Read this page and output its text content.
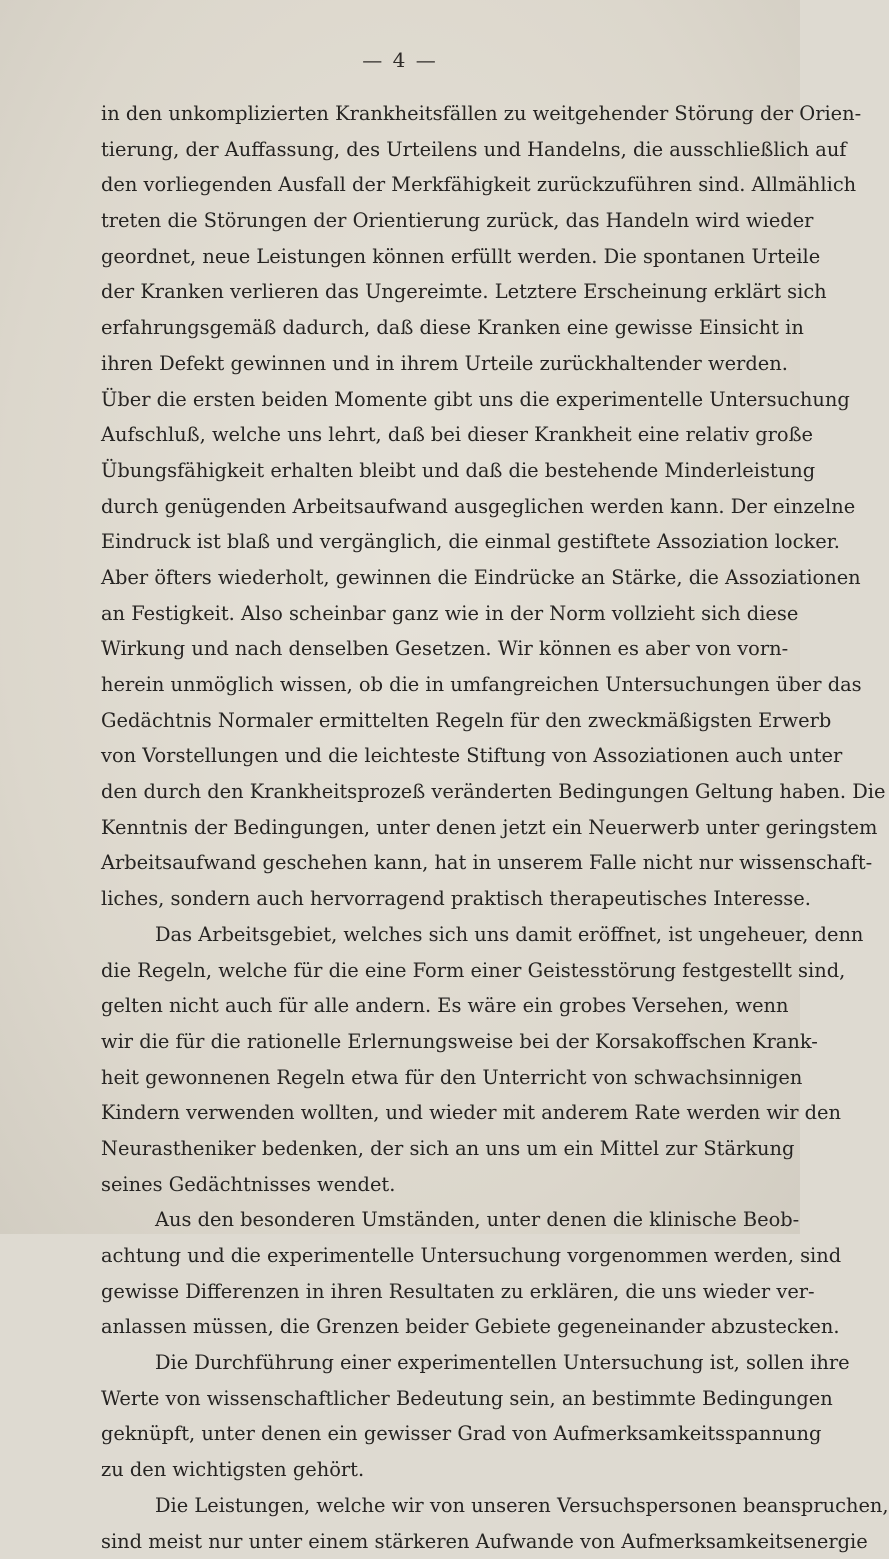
— 4 —
in den unkomplizierten Krankheitsfällen zu weitgehender Störung der Orien-
tierung, der Auffassung, des Urteilens und Handelns, die ausschließlich auf
den vorliegenden Ausfall der Merkfähigkeit zurückzuführen sind. Allmählich
treten die Störungen der Orientierung zurück, das Handeln wird wieder
geordnet, neue Leistungen können erfüllt werden. Die spontanen Urteile
der Kranken verlieren das Ungereimte. Letztere Erscheinung erklärt sich
erfahrungsgemäß dadurch, daß diese Kranken eine gewisse Einsicht in
ihren Defekt gewinnen und in ihrem Urteile zurückhaltender werden.
Über die ersten beiden Momente gibt uns die experimentelle Untersuchung
Aufschluß, welche uns lehrt, daß bei dieser Krankheit eine relativ große
Übungsfähigkeit erhalten bleibt und daß die bestehende Minderleistung
durch genügenden Arbeitsaufwand ausgeglichen werden kann. Der einzelne
Eindruck ist blaß und vergänglich, die einmal gestiftete Assoziation locker.
Aber öfters wiederholt, gewinnen die Eindrücke an Stärke, die Assoziationen
an Festigkeit. Also scheinbar ganz wie in der Norm vollzieht sich diese
Wirkung und nach denselben Gesetzen. Wir können es aber von vorn-
herein unmöglich wissen, ob die in umfangreichen Untersuchungen über das
Gedächtnis Normaler ermittelten Regeln für den zweckmäßigsten Erwerb
von Vorstellungen und die leichteste Stiftung von Assoziationen auch unter
den durch den Krankheitsprozeß veränderten Bedingungen Geltung haben. Die
Kenntnis der Bedingungen, unter denen jetzt ein Neuerwerb unter geringstem
Arbeitsaufwand geschehen kann, hat in unserem Falle nicht nur wissenschaft-
liches, sondern auch hervorragend praktisch therapeutisches Interesse.
Das Arbeitsgebiet, welches sich uns damit eröffnet, ist ungeheuer, denn
die Regeln, welche für die eine Form einer Geistesstörung festgestellt sind,
gelten nicht auch für alle andern. Es wäre ein grobes Versehen, wenn
wir die für die rationelle Erlernungsweise bei der Korsakoffschen Krank-
heit gewonnenen Regeln etwa für den Unterricht von schwachsinnigen
Kindern verwenden wollten, und wieder mit anderem Rate werden wir den
Neurastheniker bedenken, der sich an uns um ein Mittel zur Stärkung
seines Gedächtnisses wendet.
Aus den besonderen Umständen, unter denen die klinische Beob-
achtung und die experimentelle Untersuchung vorgenommen werden, sind
gewisse Differenzen in ihren Resultaten zu erklären, die uns wieder ver-
anlassen müssen, die Grenzen beider Gebiete gegeneinander abzustecken.
Die Durchführung einer experimentellen Untersuchung ist, sollen ihre
Werte von wissenschaftlicher Bedeutung sein, an bestimmte Bedingungen
geknüpft, unter denen ein gewisser Grad von Aufmerksamkeitsspannung
zu den wichtigsten gehört.
Die Leistungen, welche wir von unseren Versuchspersonen beanspruchen,
sind meist nur unter einem stärkeren Aufwande von Aufmerksamkeitsenergie
